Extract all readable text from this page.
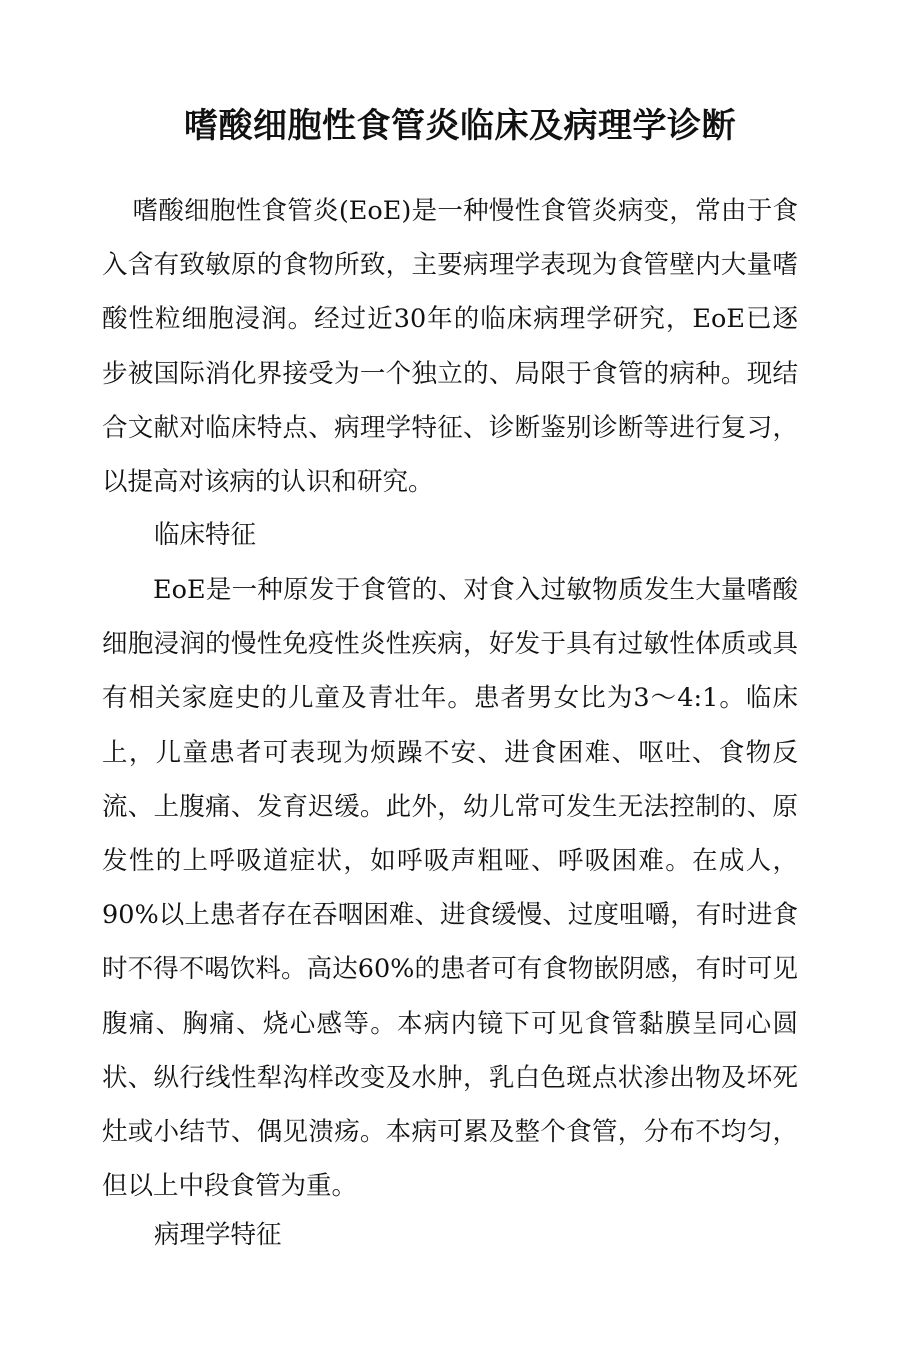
嗜酸细胞性食管炎临床及病理学诊断

嗜酸细胞性食管炎(EoE)是一种慢性食管炎病变，常由于食入含有致敏原的食物所致，主要病理学表现为食管壁内大量嗜酸性粒细胞浸润。经过近30年的临床病理学研究，EoE已逐步被国际消化界接受为一个独立的、局限于食管的病种。现结合文献对临床特点、病理学特征、诊断鉴别诊断等进行复习，以提高对该病的认识和研究。

临床特征

EoE是一种原发于食管的、对食入过敏物质发生大量嗜酸细胞浸润的慢性免疫性炎性疾病，好发于具有过敏性体质或具有相关家庭史的儿童及青壮年。患者男女比为3～4:1。临床上，儿童患者可表现为烦躁不安、进食困难、呕吐、食物反流、上腹痛、发育迟缓。此外，幼儿常可发生无法控制的、原发性的上呼吸道症状，如呼吸声粗哑、呼吸困难。在成人，90%以上患者存在吞咽困难、进食缓慢、过度咀嚼，有时进食时不得不喝饮料。高达60%的患者可有食物嵌阴感，有时可见腹痛、胸痛、烧心感等。本病内镜下可见食管黏膜呈同心圆状、纵行线性犁沟样改变及水肿，乳白色斑点状渗出物及坏死灶或小结节、偶见溃疡。本病可累及整个食管，分布不均匀，但以上中段食管为重。

病理学特征
